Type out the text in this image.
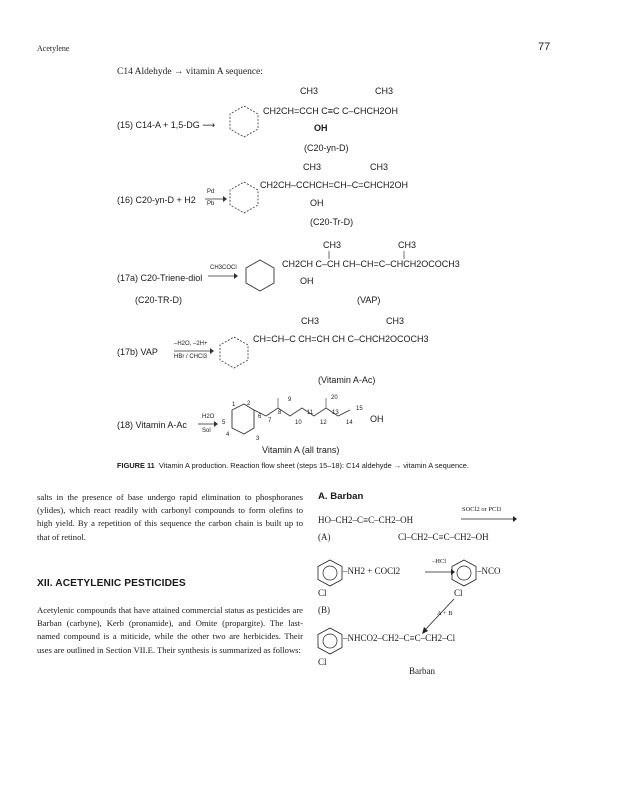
Acetylene	77
C14 Aldehyde → vitamin A sequence:
CH3	CH3
(15) C14-A + 1,5-DG ⟶
CH2CH=CCH C≡C C–CHCH2OH
OH
(C20-yn-D)
CH3	CH3
(16) C20-yn-D + H2
Pd
Pb
CH2CH–CCHCH=CH–C=CHCH2OH
OH
(C20-Tr-D)
CH3	CH3
(17a) C20-Triene-diol
CH3COCl	CH2CH C–CH CH–CH=C–CHCH2OCOCH3
OH
(C20-TR-D)	(VAP)
CH3	CH3
(17b) VAP
–H2O, –2H+
HBr / CHCl3
CH=CH–C CH=CH CH C–CHCH2OCOCH3
(Vitamin A-Ac)
(18) Vitamin A-Ac
H2O
Sol
1 2
3
4
5
6
7
8
9
10
11
12
13
14
15
20
OH
Vitamin A (all trans)
FIGURE 11 Vitamin A production. Reaction flow sheet (steps 15–18): C14 aldehyde → vitamin A sequence.
salts in the presence of base undergo rapid elimination to phosphoranes (ylides), which react readily with carbonyl compounds to form olefins to high yield. By a repetition of this sequence the carbon chain is built up to that of retinol.
XII. ACETYLENIC PESTICIDES
Acetylenic compounds that have attained commercial status as pesticides are Barban (carbyne), Kerb (pronamide), and Omite (propargite). The last-named compound is a miticide, while the other two are herbicides. Their uses are outlined in Section VII.E. Their synthesis is summarized as follows:
A. Barban
SOCl2 or PCl3
HO–CH2–C≡C–CH2–OH
(A)	Cl–CH2–C≡C–CH2–OH
–NH2 + COCl2
–HCl
–NCO
Cl	Cl
(B)	A + B
–NHCO2–CH2–C≡C–CH2–Cl
Cl
Barban
